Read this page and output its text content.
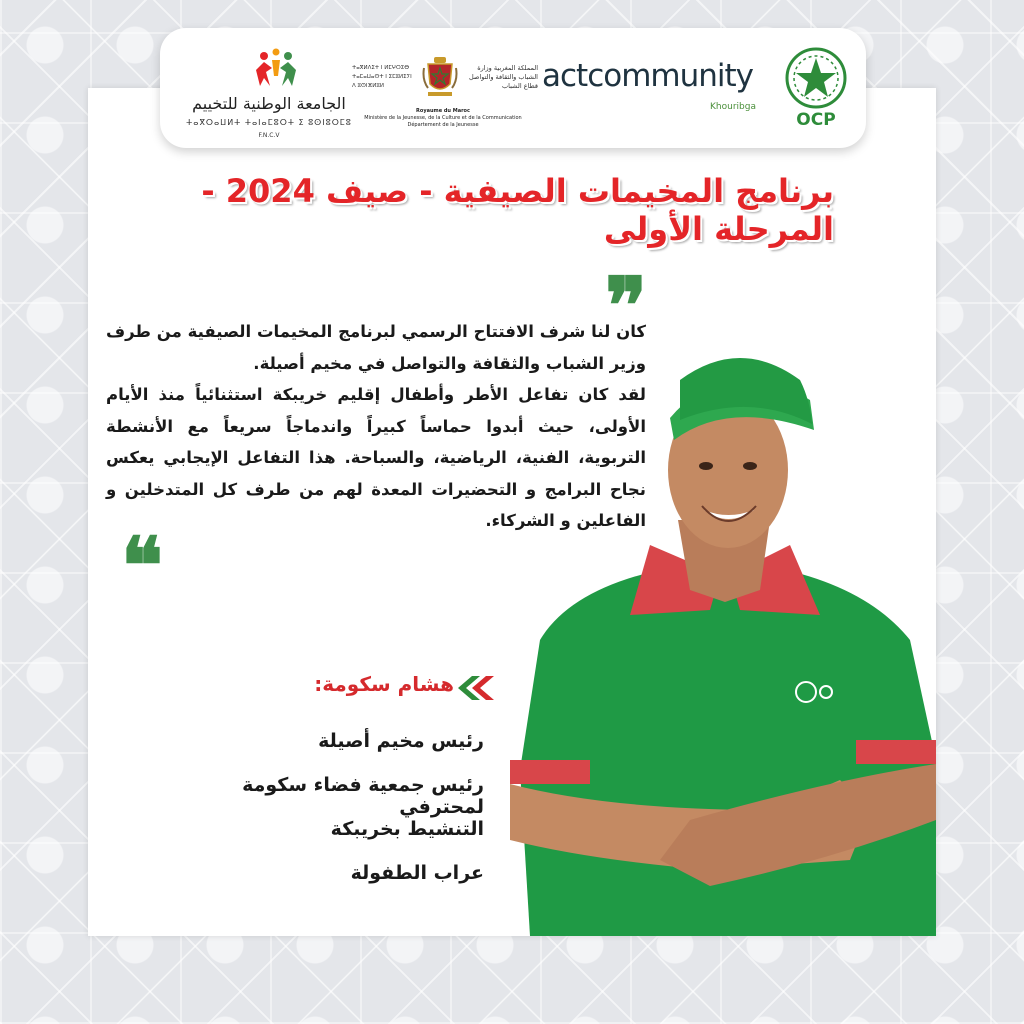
الجامعة الوطنية للتخييم
ⵜⴰⴳⵔⴰⵡⵍⵜ ⵜⴰⵏⴰⵎⵓⵔⵜ ⵉ ⵓⵙⵏⵓⵔⵎⵓ
F.N.C.V
ⵜⴰⴳⵍⴷⵉⵜ ⵏ ⵍⵎⵖⵔⵉⴱ ⵜⴰⵎⴰⵡⴰⵙⵜ ⵏ ⵉⵎⵓⵍⵉⵢⵏ ⴷ ⵓⵙⵏⴼⵍⵓⵍ
المملكة المغربية وزارة الشباب والثقافة والتواصل قطاع الشباب
Royaume du Maroc
Ministère de la Jeunesse, de la Culture et de la Communication
Département de la Jeunesse
actcommunity
Khouribga
OCP
برنامج المخيمات الصيفية - صيف 2024 - المرحلة الأولى
❞

كان لنا شرف الافتتاح الرسمي لبرنامج المخيمات الصيفية من طرف وزير الشباب والثقافة والتواصل في مخيم أصيلة.

لقد كان تفاعل الأطر وأطفال إقليم خريبكة استثنائياً منذ الأيام الأولى، حيث أبدوا حماساً كبيراً واندماجاً سريعاً مع الأنشطة التربوية، الفنية، الرياضية، والسباحة. هذا التفاعل الإيجابي يعكس نجاح البرامج و التحضيرات المعدة لهم من طرف كل المتدخلين و الفاعلين و الشركاء.

❝
هشام سكومة:
رئيس مخيم أصيلة
رئيس جمعية فضاء سكومة لمحترفي
التنشيط بخريبكة
عراب الطفولة
